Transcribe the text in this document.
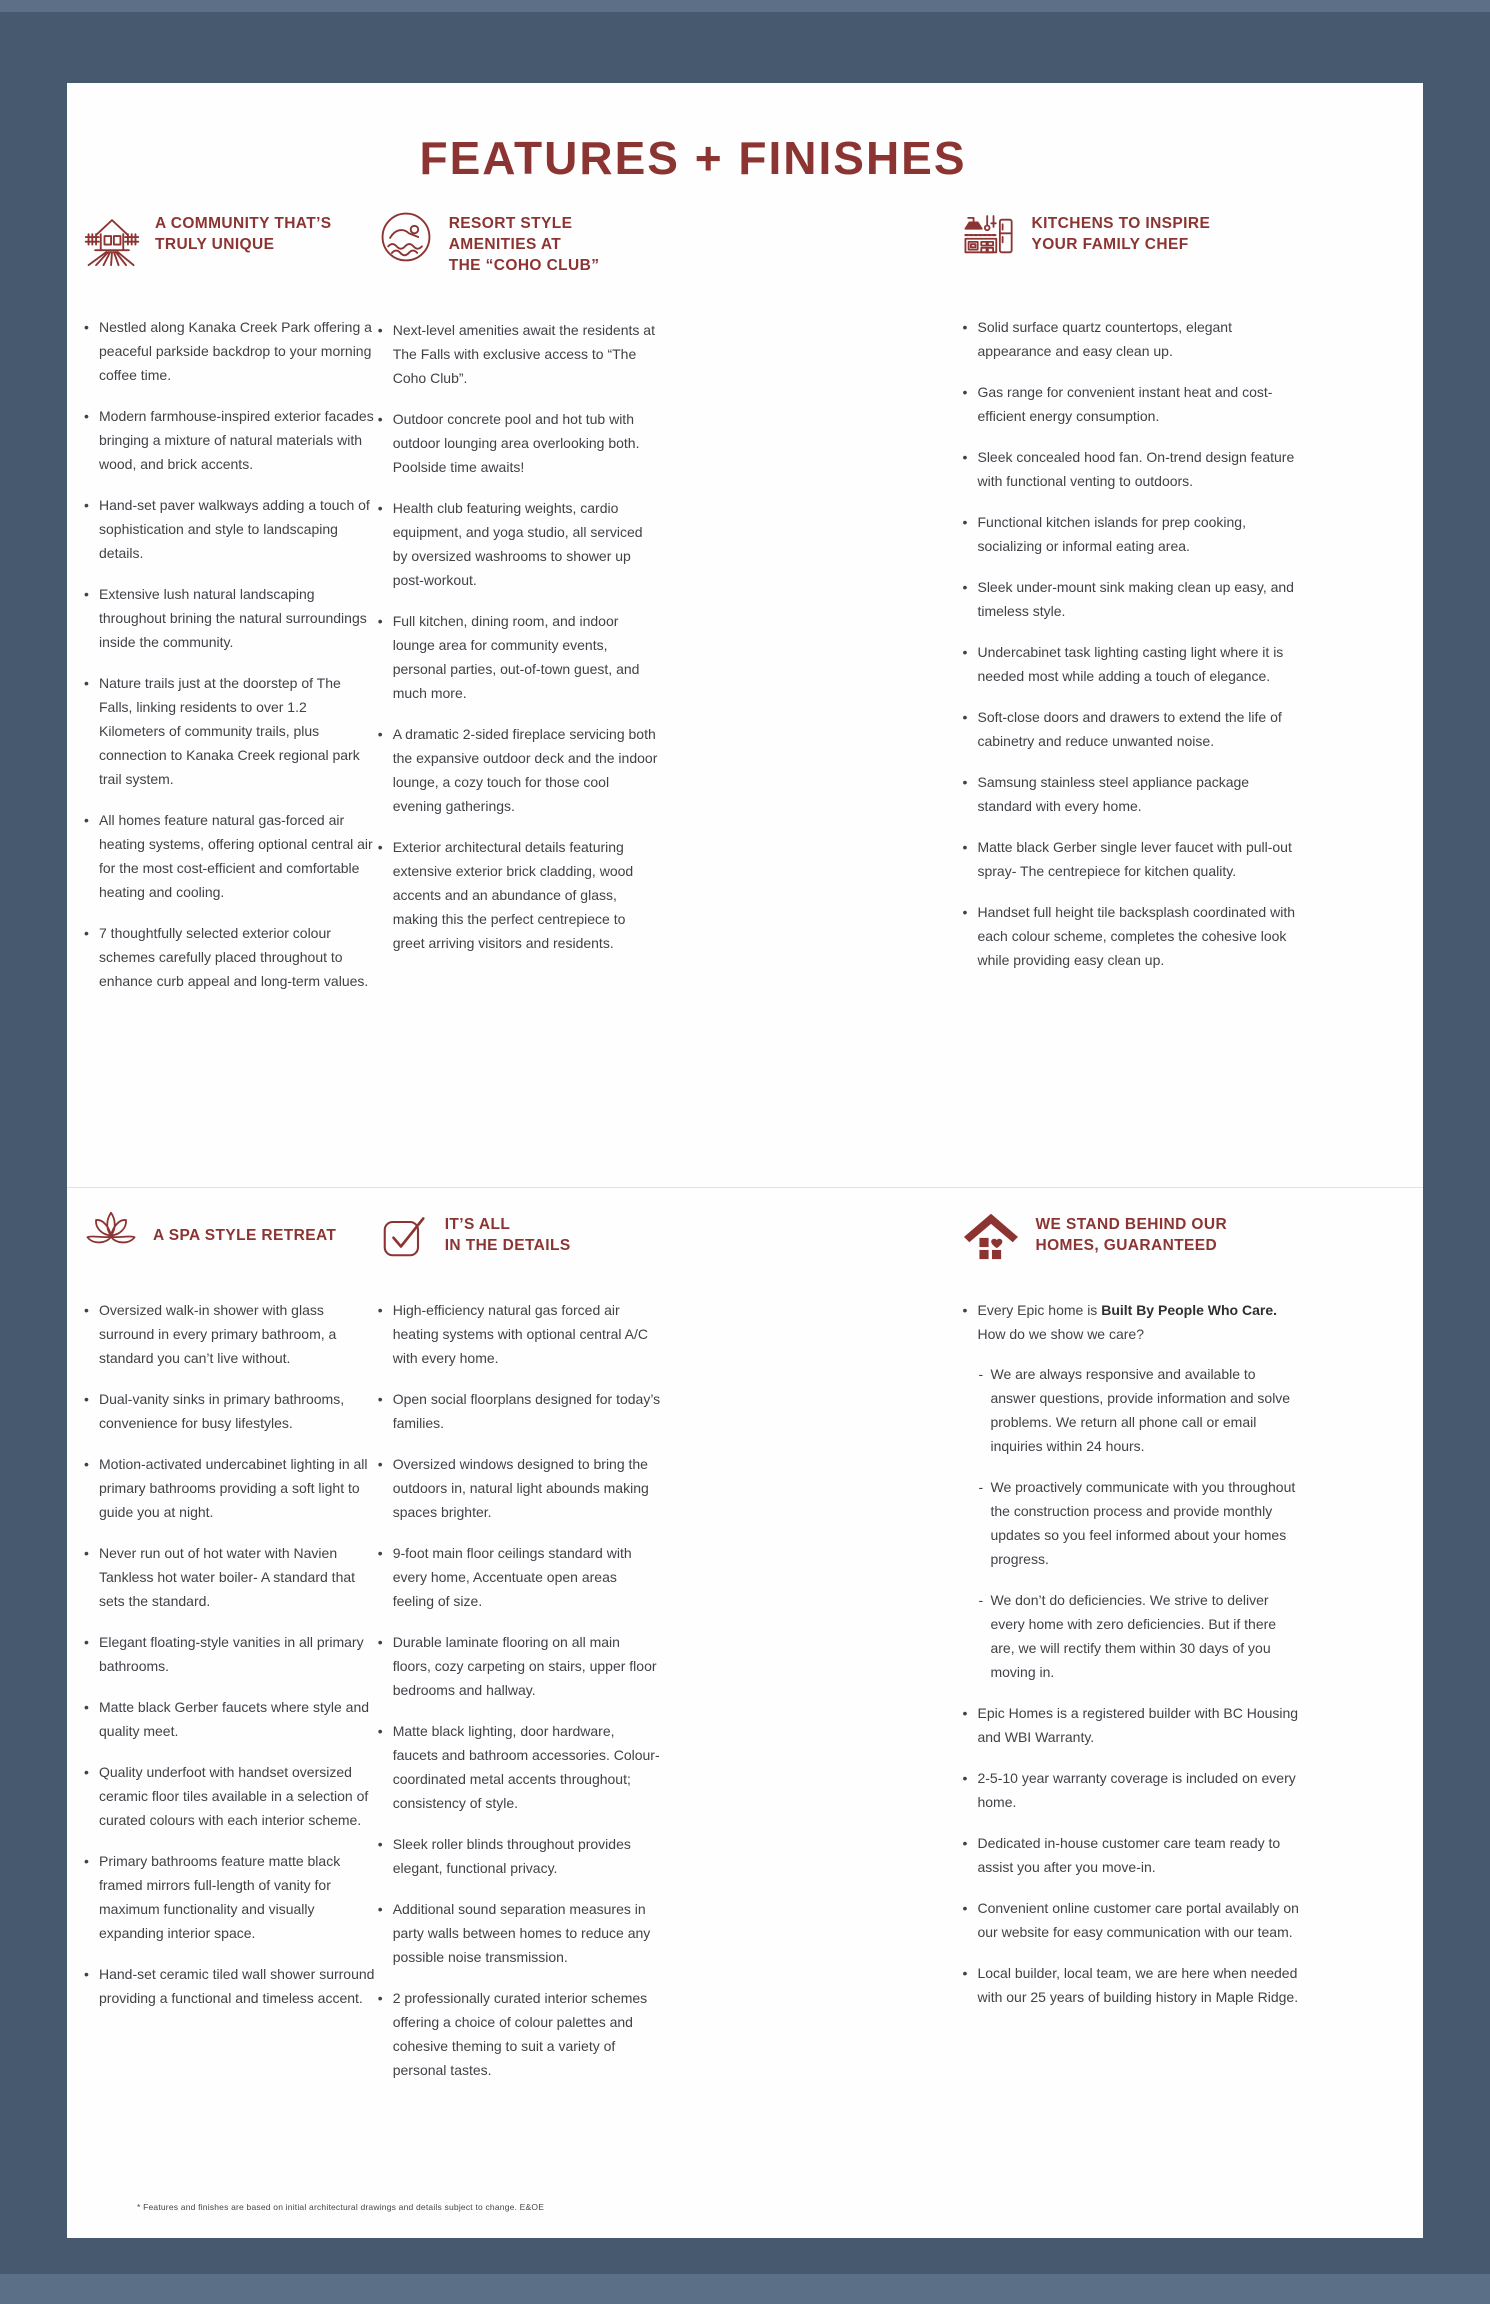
FEATURES + FINISHES
A COMMUNITY THAT’S
TRULY UNIQUE
• Nestled along Kanaka Creek Park offering a peaceful parkside backdrop to your morning coffee time.
• Modern farmhouse-inspired exterior facades bringing a mixture of natural materials with wood, and brick accents.
• Hand-set paver walkways adding a touch of sophistication and style to landscaping details.
• Extensive lush natural landscaping throughout brining the natural surroundings inside the community.
• Nature trails just at the doorstep of The Falls, linking residents to over 1.2 Kilometers of community trails, plus connection to Kanaka Creek regional park trail system.
• All homes feature natural gas-forced air heating systems, offering optional central air for the most cost-efficient and comfortable heating and cooling.
• 7 thoughtfully selected exterior colour schemes carefully placed throughout to enhance curb appeal and long-term values.
RESORT STYLE
AMENITIES AT
THE “COHO CLUB”
• Next-level amenities await the residents at The Falls with exclusive access to “The Coho Club”.
• Outdoor concrete pool and hot tub with outdoor lounging area overlooking both. Poolside time awaits!
• Health club featuring weights, cardio equipment, and yoga studio, all serviced by oversized washrooms to shower up post-workout.
• Full kitchen, dining room, and indoor lounge area for community events, personal parties, out-of-town guest, and much more.
• A dramatic 2-sided fireplace servicing both the expansive outdoor deck and the indoor lounge, a cozy touch for those cool evening gatherings.
• Exterior architectural details featuring extensive exterior brick cladding, wood accents and an abundance of glass, making this the perfect centrepiece to greet arriving visitors and residents.
KITCHENS TO INSPIRE
YOUR FAMILY CHEF
• Solid surface quartz countertops, elegant appearance and easy clean up.
• Gas range for convenient instant heat and cost-efficient energy consumption.
• Sleek concealed hood fan. On-trend design feature with functional venting to outdoors.
• Functional kitchen islands for prep cooking, socializing or informal eating area.
• Sleek under-mount sink making clean up easy, and timeless style.
• Undercabinet task lighting casting light where it is needed most while adding a touch of elegance.
• Soft-close doors and drawers to extend the life of cabinetry and reduce unwanted noise.
• Samsung stainless steel appliance package standard with every home.
• Matte black Gerber single lever faucet with pull-out spray- The centrepiece for kitchen quality.
• Handset full height tile backsplash coordinated with each colour scheme, completes the cohesive look while providing easy clean up.
A SPA STYLE RETREAT
• Oversized walk-in shower with glass surround in every primary bathroom, a standard you can’t live without.
• Dual-vanity sinks in primary bathrooms, convenience for busy lifestyles.
• Motion-activated undercabinet lighting in all primary bathrooms providing a soft light to guide you at night.
• Never run out of hot water with Navien Tankless hot water boiler- A standard that sets the standard.
• Elegant floating-style vanities in all primary bathrooms.
• Matte black Gerber faucets where style and quality meet.
• Quality underfoot with handset oversized ceramic floor tiles available in a selection of curated colours with each interior scheme.
• Primary bathrooms feature matte black framed mirrors full-length of vanity for maximum functionality and visually expanding interior space.
• Hand-set ceramic tiled wall shower surround providing a functional and timeless accent.
IT’S ALL
IN THE DETAILS
• High-efficiency natural gas forced air heating systems with optional central A/C with every home.
• Open social floorplans designed for today’s families.
• Oversized windows designed to bring the outdoors in, natural light abounds making spaces brighter.
• 9-foot main floor ceilings standard with every home, Accentuate open areas feeling of size.
• Durable laminate flooring on all main floors, cozy carpeting on stairs, upper floor bedrooms and hallway.
• Matte black lighting, door hardware, faucets and bathroom accessories. Colour-coordinated metal accents throughout; consistency of style.
• Sleek roller blinds throughout provides elegant, functional privacy.
• Additional sound separation measures in party walls between homes to reduce any possible noise transmission.
• 2 professionally curated interior schemes offering a choice of colour palettes and cohesive theming to suit a variety of personal tastes.
WE STAND BEHIND OUR
HOMES, GUARANTEED
• Every Epic home is Built By People Who Care. How do we show we care?
- We are always responsive and available to answer questions, provide information and solve problems. We return all phone call or email inquiries within 24 hours.
- We proactively communicate with you throughout the construction process and provide monthly updates so you feel informed about your homes progress.
- We don’t do deficiencies. We strive to deliver every home with zero deficiencies. But if there are, we will rectify them within 30 days of you moving in.
• Epic Homes is a registered builder with BC Housing and WBI Warranty.
• 2-5-10 year warranty coverage is included on every home.
• Dedicated in-house customer care team ready to assist you after you move-in.
• Convenient online customer care portal availably on our website for easy communication with our team.
• Local builder, local team, we are here when needed with our 25 years of building history in Maple Ridge.
* Features and finishes are based on initial architectural drawings and details subject to change. E&OE
